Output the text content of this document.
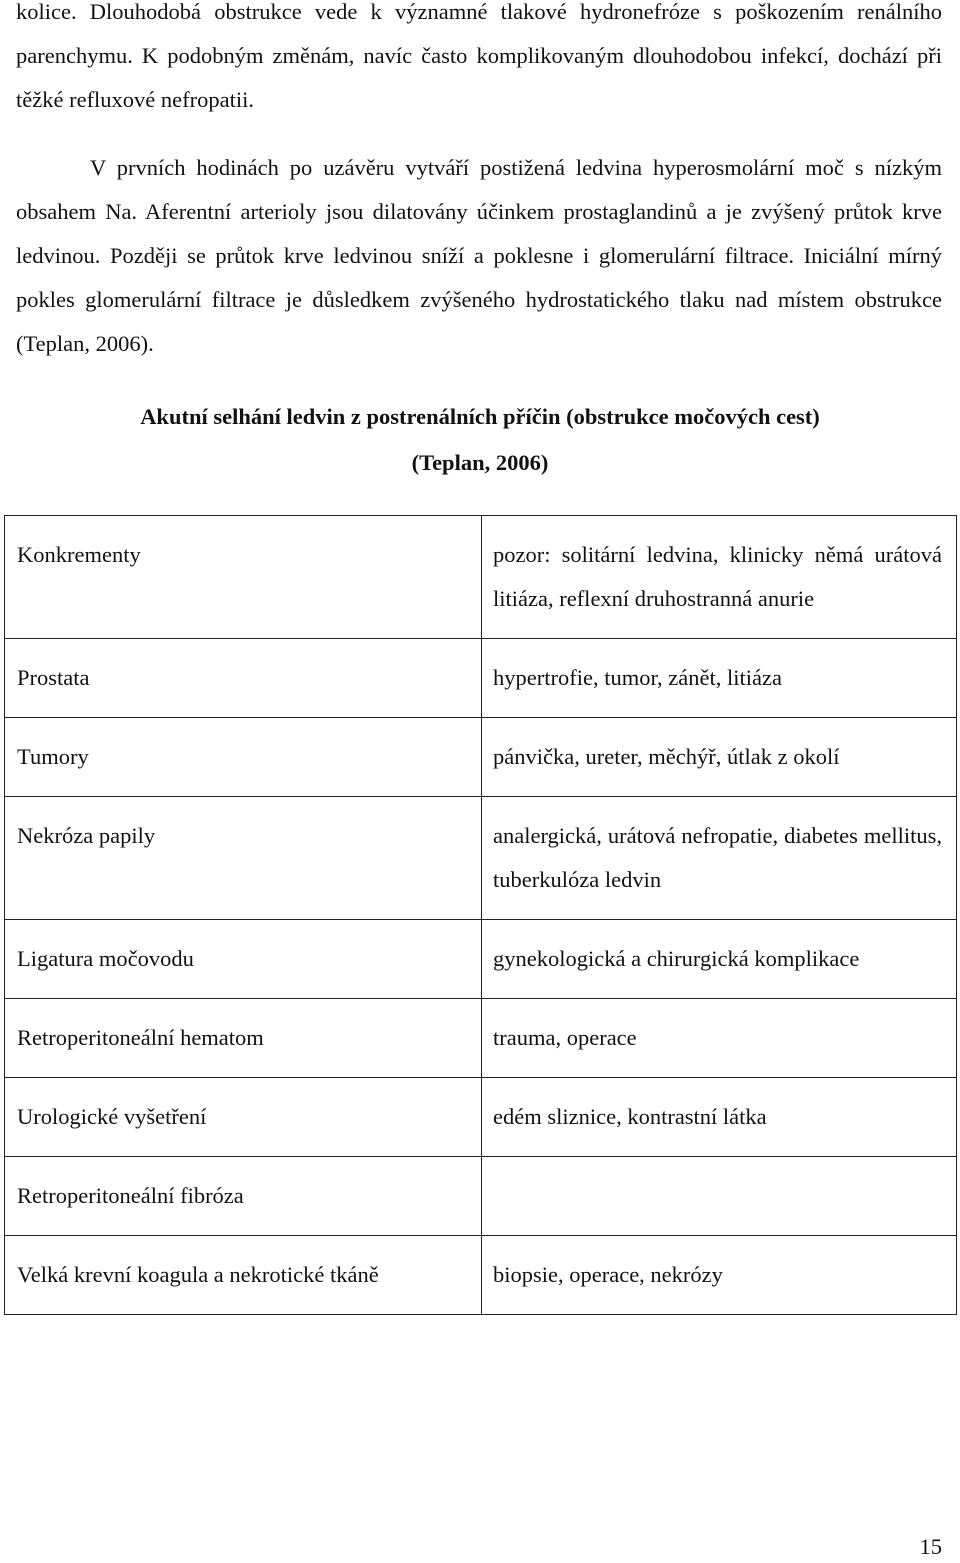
kolice. Dlouhodobá obstrukce vede k významné tlakové hydronefróze s poškozením renálního parenchymu. K podobným změnám, navíc často komplikovaným dlouhodobou infekcí, dochází při těžké refluxové nefropatii.

V prvních hodinách po uzávěru vytváří postižená ledvina hyperosmolární moč s nízkým obsahem Na. Aferentní arterioly jsou dilatovány účinkem prostaglandinů a je zvýšený průtok krve ledvinou. Později se průtok krve ledvinou sníží a poklesne i glomerulární filtrace. Iniciální mírný pokles glomerulární filtrace je důsledkem zvýšeného hydrostatického tlaku nad místem obstrukce (Teplan, 2006).

Akutní selhání ledvin z postrenálních příčin (obstrukce močových cest)
(Teplan, 2006)
Konkrementy	pozor: solitární ledvina, klinicky němá urátová litiáza, reflexní druhostranná anurie
Prostata	hypertrofie, tumor, zánět, litiáza
Tumory	pánvička, ureter, měchýř, útlak z okolí
Nekróza papily	analergická, urátová nefropatie, diabetes mellitus, tuberkulóza ledvin
Ligatura močovodu	gynekologická a chirurgická komplikace
Retroperitoneální hematom	trauma, operace
Urologické vyšetření	edém sliznice, kontrastní látka
Retroperitoneální fibróza	
Velká krevní koagula a nekrotické tkáně	biopsie, operace, nekrózy
15
